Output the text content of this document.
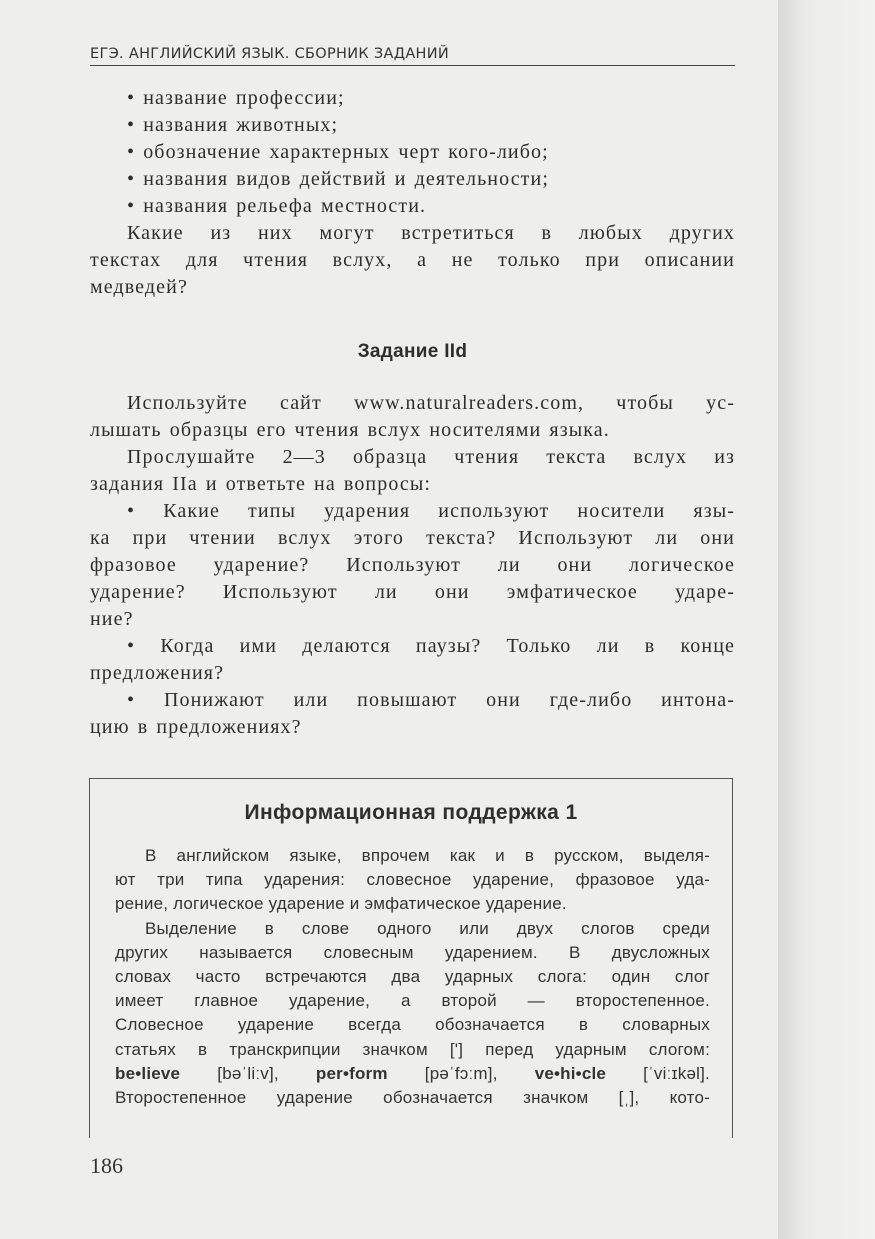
ЕГЭ. АНГЛИЙСКИЙ ЯЗЫК. СБОРНИК ЗАДАНИЙ
• название профессии;
• названия животных;
• обозначение характерных черт кого-либо;
• названия видов действий и деятельности;
• названия рельефа местности.
Какие из них могут встретиться в любых других
текстах для чтения вслух, а не только при описании
медведей?
Задание IId
Используйте сайт www.naturalreaders.com, чтобы ус-
лышать образцы его чтения вслух носителями языка.
Прослушайте 2—3 образца чтения текста вслух из
задания IIa и ответьте на вопросы:
• Какие типы ударения используют носители язы-
ка при чтении вслух этого текста? Используют ли они
фразовое ударение? Используют ли они логическое
ударение? Используют ли они эмфатическое ударе-
ние?
• Когда ими делаются паузы? Только ли в конце
предложения?
• Понижают или повышают они где-либо интона-
цию в предложениях?
Информационная поддержка 1
В английском языке, впрочем как и в русском, выделя-
ют три типа ударения: словесное ударение, фразовое уда-
рение, логическое ударение и эмфатическое ударение.
Выделение в слове одного или двух слогов среди
других называется словесным ударением. В двусложных
словах часто встречаются два ударных слога: один слог
имеет главное ударение, а второй — второстепенное.
Словесное ударение всегда обозначается в словарных
статьях в транскрипции значком ['] перед ударным слогом:
be•lieve [bəˈliːv], per•form [pəˈfɔːm], ve•hi•cle [ˈviːɪkəl].
Второстепенное ударение обозначается значком [ˌ], кото-
186
